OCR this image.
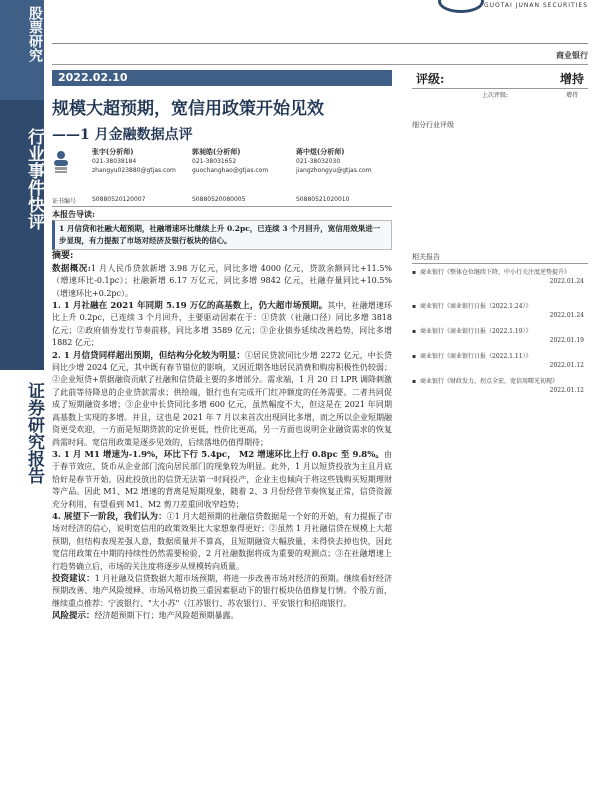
股票研究
行业事件快评
证券研究报告
GUOTAI JUNAN SECURITIES
商业银行
2022.02.10
规模大超预期，宽信用政策开始见效
——1 月金融数据点评
张宇(分析师)
021-38038184
zhangyu023880@gtjas.com
郭昶皓(分析师)
021-38031652
guochanghao@gtjas.com
蒋中煜(分析师)
021-38032030
jiangzhongyu@gtjas.com
证书编号	S0880520120007	S0880520080005	S0880521020010
评级:	增持
上次评级:	增持
细分行业评级
相关报告
▪ 商业银行《整体仓位继续下降，中小行关注度逆势提升》
2022.01.24
▪ 商业银行《商业银行日报（2022.1.24）》
2022.01.24
▪ 商业银行《商业银行日报（2022.1.19）》
2022.01.19
▪ 商业银行《商业银行日报（2022.1.11）》
2022.01.12
▪ 商业银行《财政发力，拐点全宏，宽信用曙光初现》
2022.01.12
本报告导读:
1 月信贷和社融大超预期，社融增速环比继续上升 0.2pc，已连续 3 个月回升，宽信用效果进一步显现，有力提振了市场对经济及银行板块的信心。
摘要:

数据概况:1 月人民币贷款新增 3.98 万亿元，同比多增 4000 亿元，贷款余额同比+11.5%（增速环比-0.1pc）；社融新增 6.17 万亿元，同比多增 9842 亿元，社融存量同比+10.5%（增速环比+0.2pc）。

1. 1 月社融在 2021 年同期 5.19 万亿的高基数上，仍大超市场预期。其中，社融增速环比上升 0.2pc，已连续 3 个月回升，主要驱动因素在于：①贷款（社融口径）同比多增 3818 亿元；②政府债券发行节奏前移，同比多增 3589 亿元；③企业债券延续改善趋势，同比多增 1882 亿元；

2. 1 月信贷同样超出预期，但结构分化较为明显：①居民贷款同比少增 2272 亿元，中长贷同比少增 2024 亿元，其中既有春节错位的影响，又因近期各地居民消费和购房积极性仍较弱；②企业短贷+票据融资贡献了社融和信贷最主要的多增部分。需求端，1 月 20 日 LPR 调降刺激了此前等待降息的企业贷款需求；供给端，银行也有完成开门红冲额度的任务需要。二者共同促成了短期融资多增；③企业中长贷同比多增 600 亿元，虽然幅度不大，但这是在 2021 年同期高基数上实现的多增。并且，这也是 2021 年 7 月以来首次出现同比多增，而之所以企业短期融资更受欢迎，一方面是短期贷款的定价更低，性价比更高，另一方面也说明企业融资需求的恢复尚需时间。宽信用政策是逐步见效的，后续落地仍值得期待；

3. 1 月 M1 增速为-1.9%，环比下行 5.4pc， M2 增速环比上行 0.8pc 至 9.8%。由于春节效应，货币从企业部门流向居民部门的现象较为明显。此外，1 月以短贷投放为主且月底恰好是春节开始，因此投放出的信贷无法第一时间投产，企业主也倾向于将这些钱购买短期理财等产品。因此 M1、M2 增速的背离是短期现象，随着 2、3 月份经营节奏恢复正常，信贷资源充分利用，有望看到 M1、M2 剪刀差重回收窄趋势；

4. 展望下一阶段，我们认为：①1 月大超预期的社融信贷数据是一个好的开始，有力提振了市场对经济的信心，说明宽信用的政策效果比大家想象得更好；②虽然 1 月社融信贷在规模上大超预期，但结构表现差强人意，数据质量并不算高，且短期融资大幅放量，未得快去掉也快，因此宽信用政策在中期的持续性仍然需要检验，2 月社融数据将成为重要的观测点；③在社融增速上行趋势确立后，市场的关注度将逐步从规模转向质量。

投资建议：1 月社融及信贷数据大超市场预期，将进一步改善市场对经济的预期。继续看好经济预期改善、地产风险缓释、市场风格切换三重因素驱动下的银行板块估值修复行情。个股方面，继续重点推荐：宁波银行、"大小苏"（江苏银行、苏农银行）、平安银行和招商银行。

风险提示：经济超预期下行；地产风险超预期暴露。
